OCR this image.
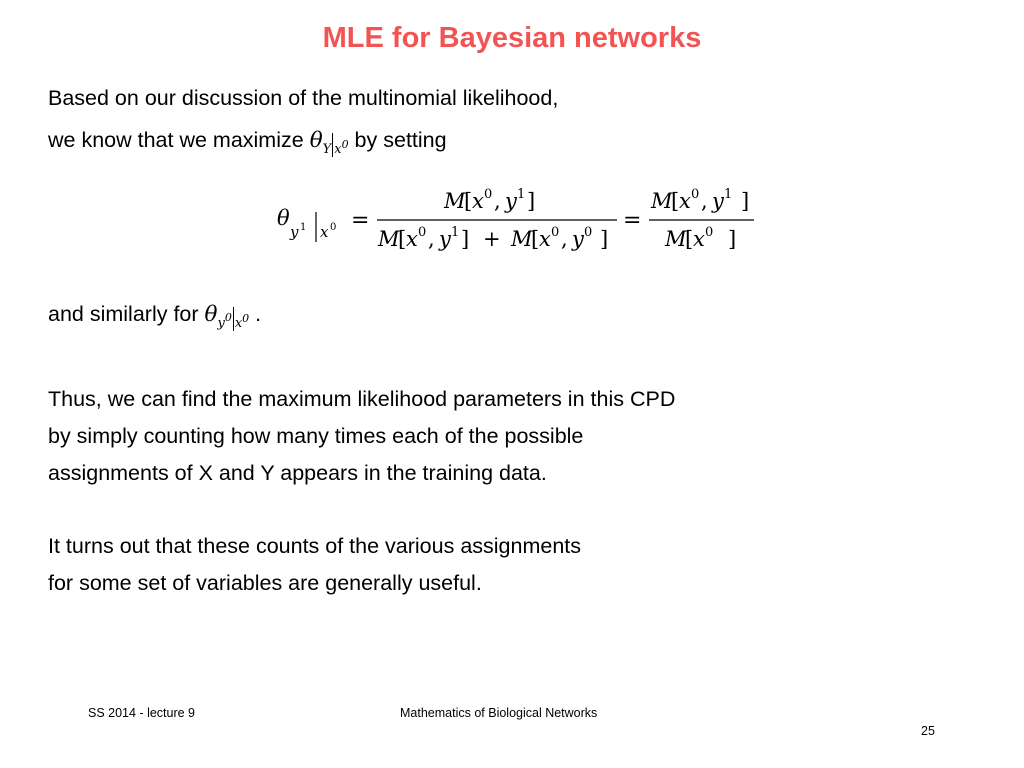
MLE for Bayesian networks
Based on our discussion of the multinomial likelihood,
we know that we maximize $\theta_Y$ $_x$0 by setting
θ
y 1 x 0 =
M
[ x 0 , y 1 ]
M
[ x 0 , y 1 ] + M
[ x 0 , y 0 ]
=
M
[ x 0 , y 1 ]
M
[ x 0 ]
and similarly for $\theta_y0$ $_x$0 .
Thus, we can find the maximum likelihood parameters in this CPD
by simply counting how many times each of the possible
assignments of X and Y appears in the training data.
It turns out that these counts of the various assignments
for some set of variables are generally useful.
SS 2014 - lecture 9	Mathematics of Biological Networks
25
